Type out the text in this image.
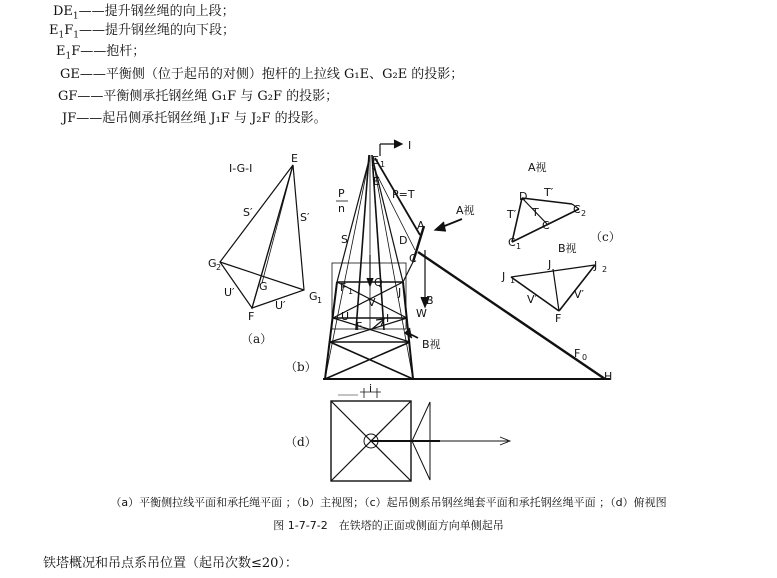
$DE_1——$提升钢丝绳的向上段；
$E_1F_1——$提升钢丝绳的向下段；
$E_1F——$抱杆；
GE——平衡侧（位于起吊的对侧）抱杆的上拉线 G₁E、G₂E 的投影；
GF——平衡侧承托钢丝绳 G₁F 与 G₂F 的投影；
JF——起吊侧承托钢丝绳 J₁F 与 J₂F 的投影。
I-G-I
E
S′	S′
G 2
G
G 1
U′
U′
F
（a）
E 1
E
I
P
n
P=T
S
A
D
C
A视
F 1
Q
J
V
U
F
I
B
W
B视
（b）
F 0
H
i
（d）
A视
D T′
T′ T
C
C 1
C 2
（c）
B视
J 1
J	J 2
V′	V′
F
（a）平衡侧拉线平面和承托绳平面 ；（b）主视图；（c）起吊侧系吊钢丝绳套平面和承托钢丝绳平面 ；（d）俯视图
图 1-7-7-2　在铁塔的正面或侧面方向单侧起吊
铁塔概况和吊点系吊位置（起吊次数≤20）：
